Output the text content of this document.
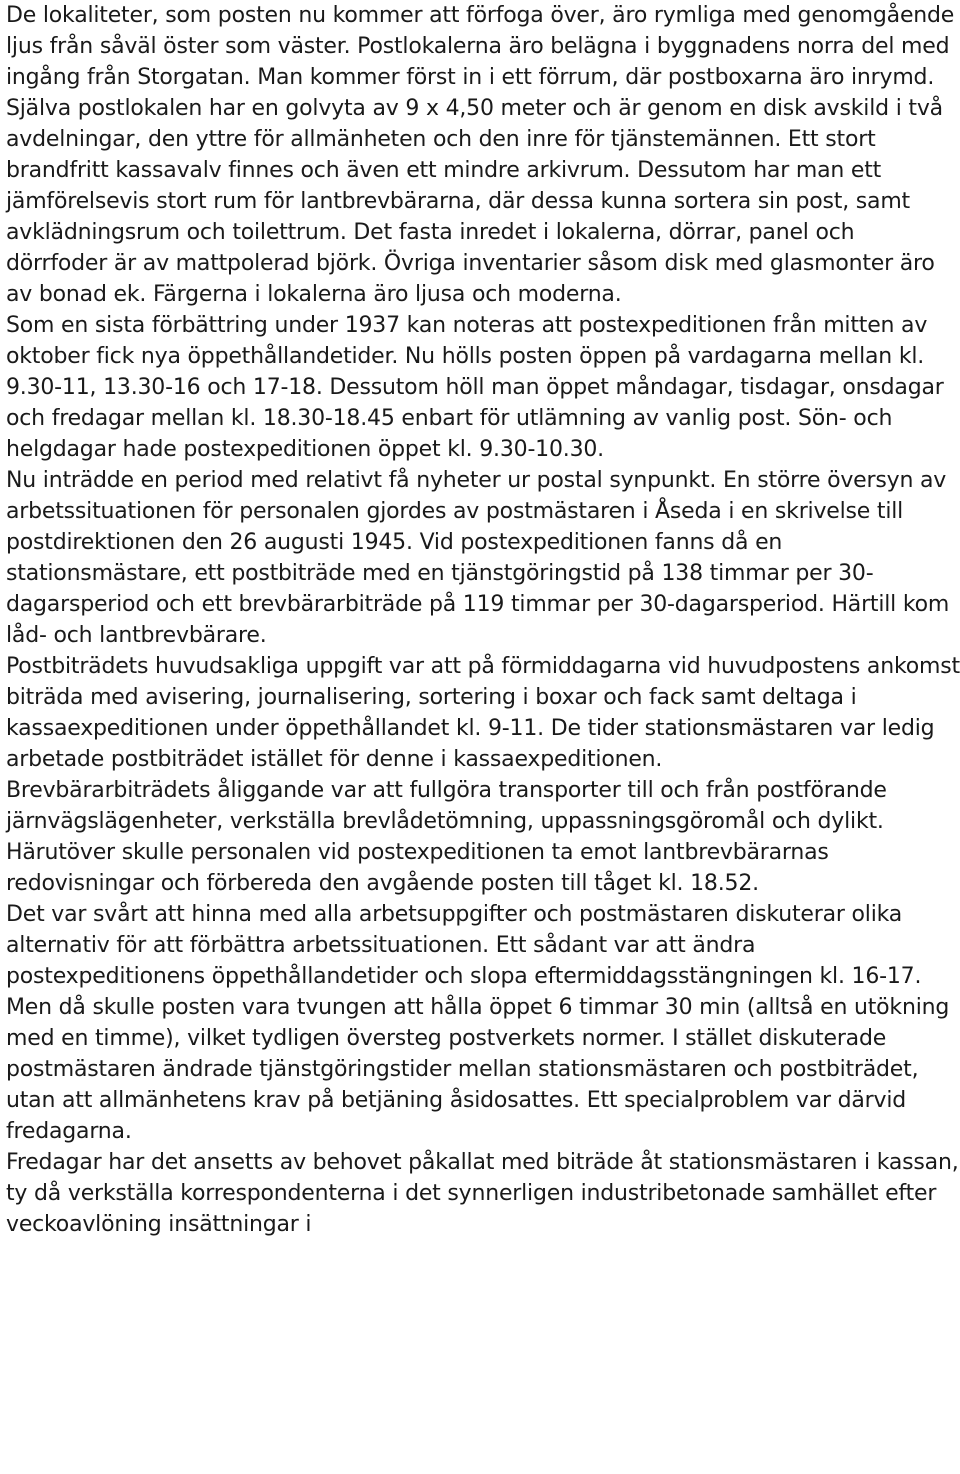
De lokaliteter, som posten nu kommer att förfoga över, äro rymliga med genomgående ljus från såväl öster som väster. Postlokalerna äro belägna i byggnadens norra del med ingång från Storgatan. Man kommer först in i ett förrum, där postboxarna äro inrymd. Själva postlokalen har en golvyta av 9 x 4,50 meter och är genom en disk avskild i två avdelningar, den yttre för allmänheten och den inre för tjänstemännen. Ett stort brandfritt kassavalv finnes och även ett mindre arkivrum. Dessutom har man ett jämförelsevis stort rum för lantbrevbärarna, där dessa kunna sortera sin post, samt avklädningsrum och toilettrum. Det fasta inredet i lokalerna, dörrar, panel och dörrfoder är av mattpolerad björk. Övriga inventarier såsom disk med glasmonter äro av bonad ek. Färgerna i lokalerna äro ljusa och moderna.

Som en sista förbättring under 1937 kan noteras att postexpeditionen från mitten av oktober fick nya öppethållandetider. Nu hölls posten öppen på vardagarna mellan kl. 9.30-11, 13.30-16 och 17-18. Dessutom höll man öppet måndagar, tisdagar, onsdagar och fredagar mellan kl. 18.30-18.45 enbart för utlämning av vanlig post. Sön- och helgdagar hade postexpeditionen öppet kl. 9.30-10.30.

Nu inträdde en period med relativt få nyheter ur postal synpunkt. En större översyn av arbetssituationen för personalen gjordes av postmästaren i Åseda i en skrivelse till postdirektionen den 26 augusti 1945. Vid postexpeditionen fanns då en stationsmästare, ett postbiträde med en tjänstgöringstid på 138 timmar per 30-dagarsperiod och ett brevbärarbiträde på 119 timmar per 30-dagarsperiod. Härtill kom låd- och lantbrevbärare.

Postbiträdets huvudsakliga uppgift var att på förmiddagarna vid huvudpostens ankomst biträda med avisering, journalisering, sortering i boxar och fack samt deltaga i kassaexpeditionen under öppethållandet kl. 9-11. De tider stationsmästaren var ledig arbetade postbiträdet istället för denne i kassaexpeditionen.

Brevbärarbiträdets åliggande var att fullgöra transporter till och från postförande järnvägslägenheter, verkställa brevlådetömning, uppassningsgöromål och dylikt.

Härutöver skulle personalen vid postexpeditionen ta emot lantbrevbärarnas redovisningar och förbereda den avgående posten till tåget kl. 18.52.

Det var svårt att hinna med alla arbetsuppgifter och postmästaren diskuterar olika alternativ för att förbättra arbetssituationen. Ett sådant var att ändra postexpeditionens öppethållandetider och slopa eftermiddagsstängningen kl. 16-17. Men då skulle posten vara tvungen att hålla öppet 6 timmar 30 min (alltså en utökning med en timme), vilket tydligen översteg postverkets normer. I stället diskuterade postmästaren ändrade tjänstgöringstider mellan stationsmästaren och postbiträdet, utan att allmänhetens krav på betjäning åsidosattes. Ett specialproblem var därvid fredagarna.

Fredagar har det ansetts av behovet påkallat med biträde åt stationsmästaren i kassan, ty då verkställa korrespondenterna i det synnerligen industribetonade samhället efter veckoavlöning insättningar i
